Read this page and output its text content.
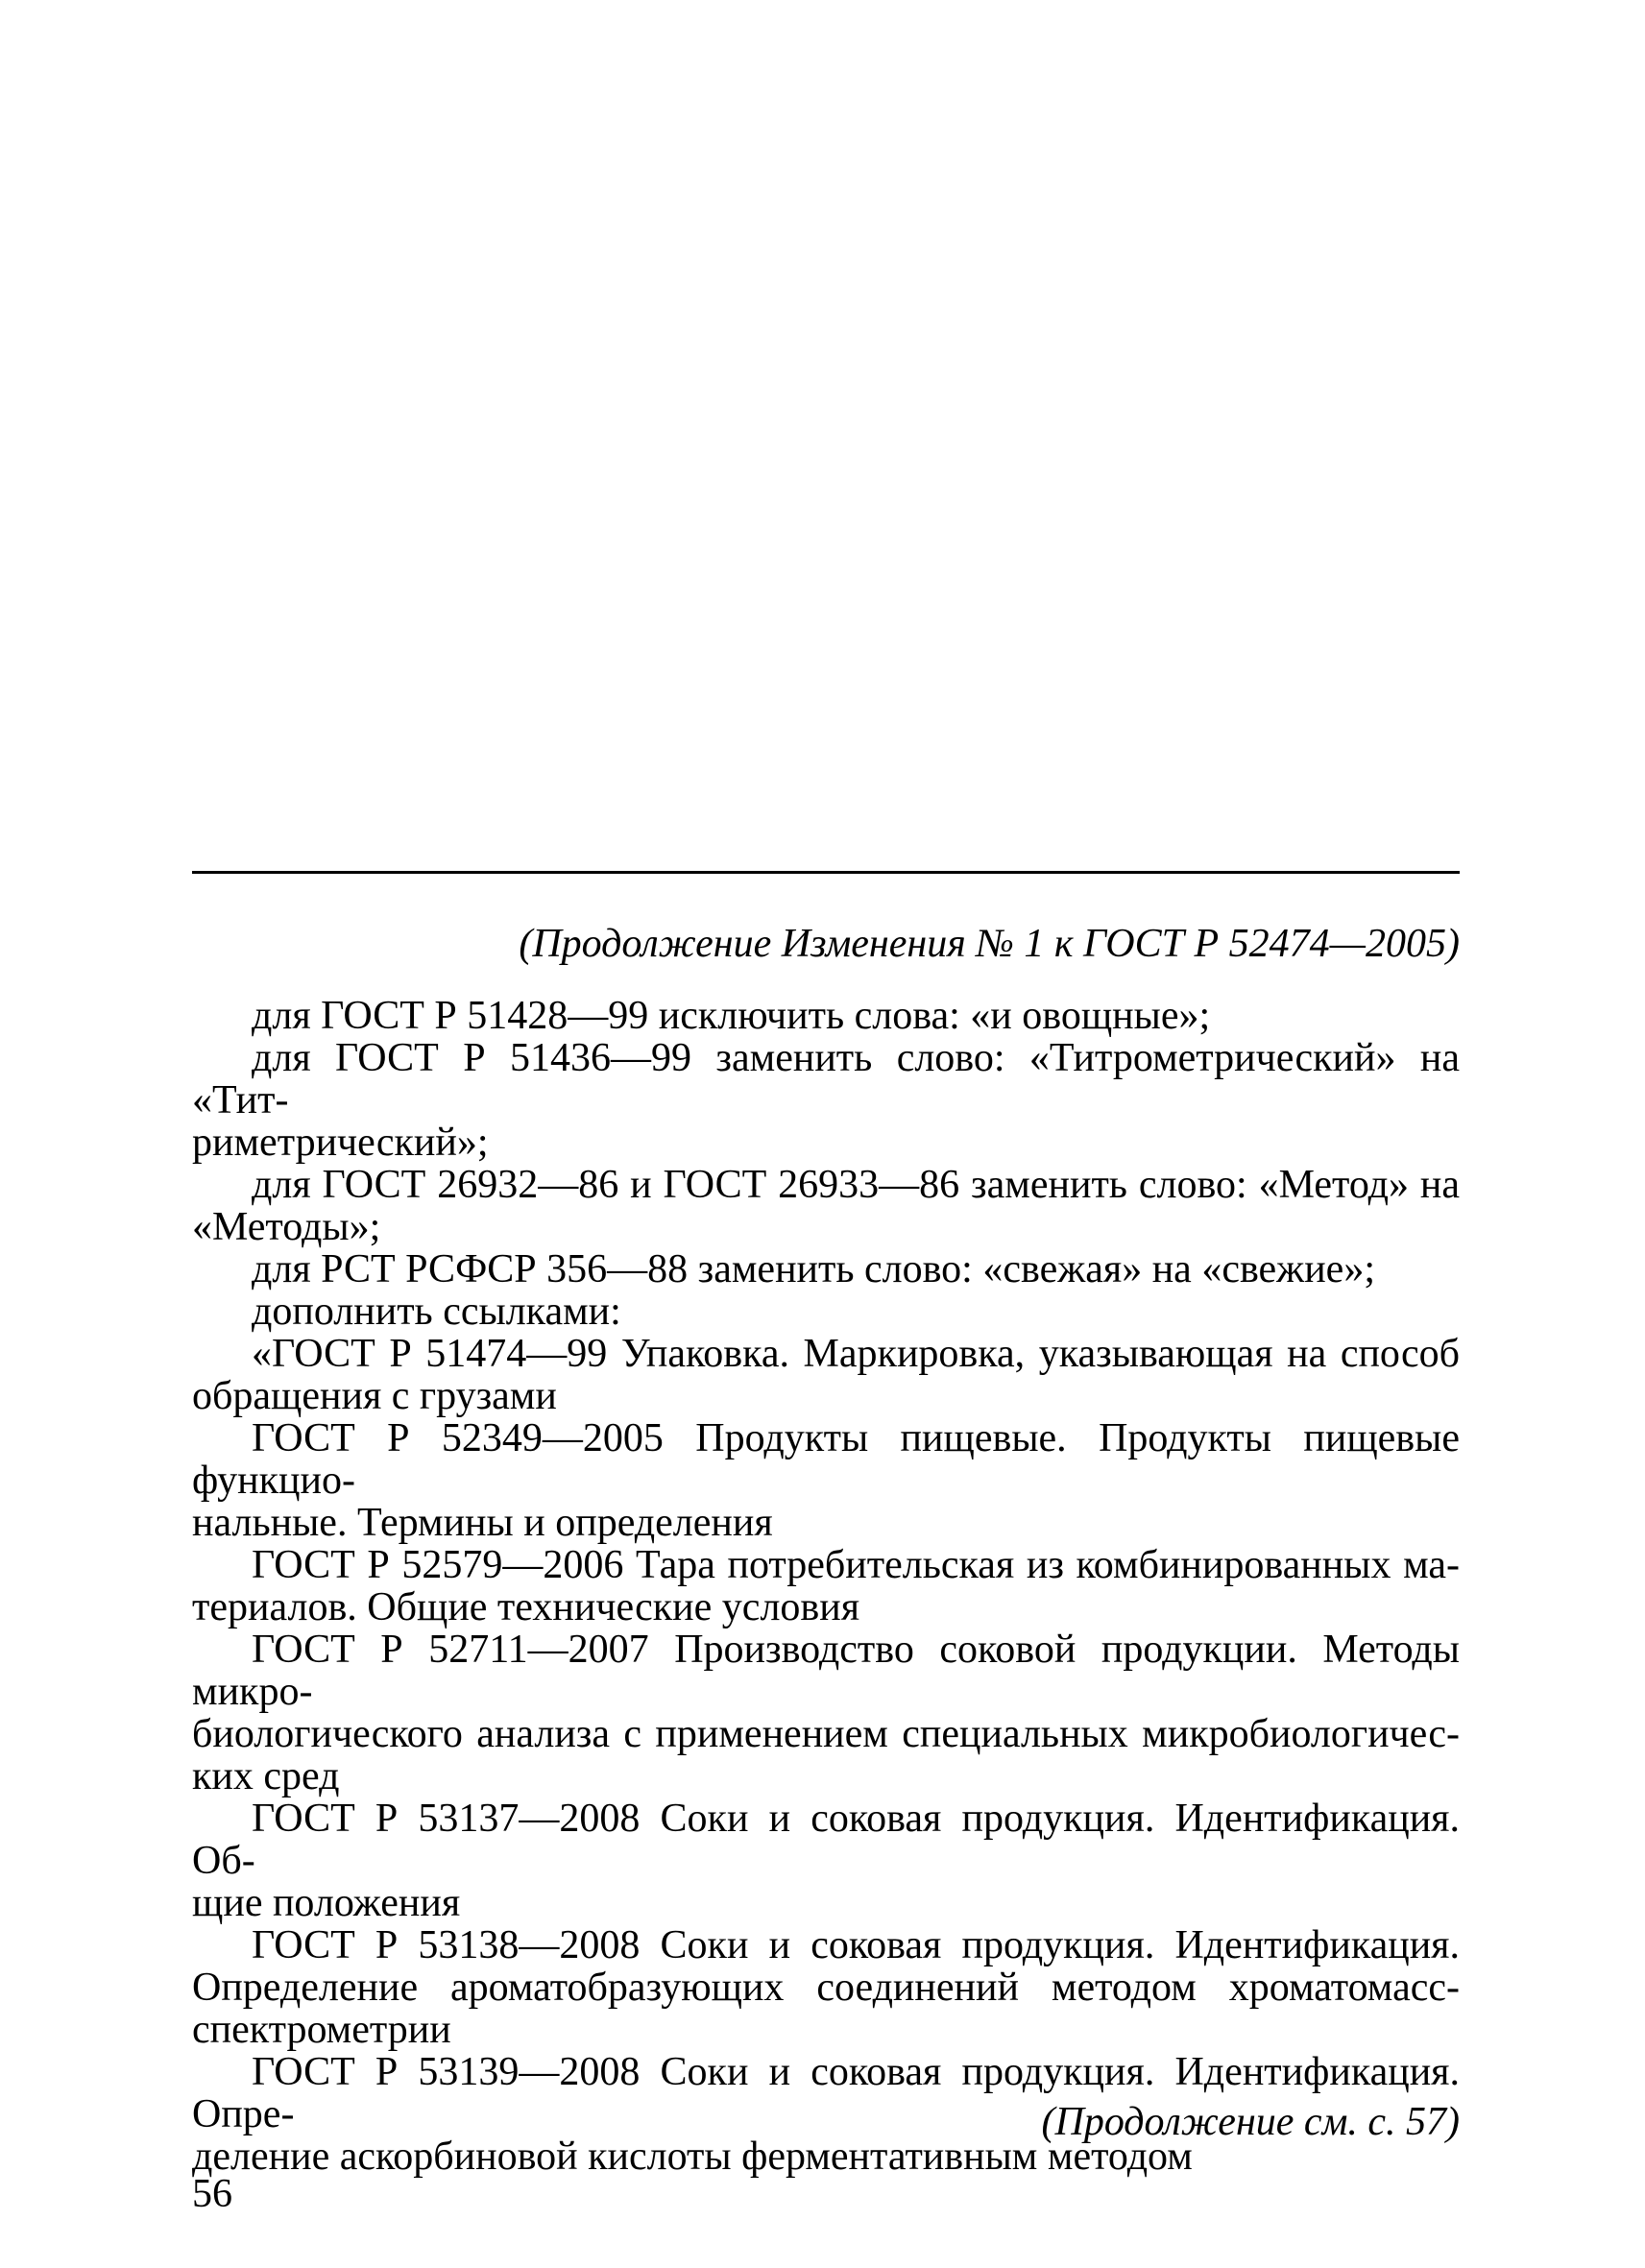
(Продолжение Изменения № 1 к ГОСТ Р 52474—2005)
для ГОСТ Р 51428—99 исключить слова: «и овощные»;
для ГОСТ Р 51436—99 заменить слово: «Титрометрический» на «Тит-
риметрический»;
для ГОСТ 26932—86 и ГОСТ 26933—86 заменить слово: «Метод» на
«Методы»;
для РСТ РСФСР 356—88 заменить слово: «свежая» на «свежие»;
дополнить ссылками:
«ГОСТ Р 51474—99 Упаковка. Маркировка, указывающая на способ
обращения с грузами
ГОСТ Р 52349—2005 Продукты пищевые. Продукты пищевые функцио-
нальные. Термины и определения
ГОСТ Р 52579—2006 Тара потребительская из комбинированных ма-
териалов. Общие технические условия
ГОСТ Р 52711—2007 Производство соковой продукции. Методы микро-
биологического анализа с применением специальных микробиологичес-
ких сред
ГОСТ Р 53137—2008 Соки и соковая продукция. Идентификация. Об-
щие положения
ГОСТ Р 53138—2008 Соки и соковая продукция. Идентификация.
Определение ароматобразующих соединений методом хроматомасс-
спектрометрии
ГОСТ Р 53139—2008 Соки и соковая продукция. Идентификация. Опре-
деление аскорбиновой кислоты ферментативным методом
(Продолжение см. с. 57)
56
